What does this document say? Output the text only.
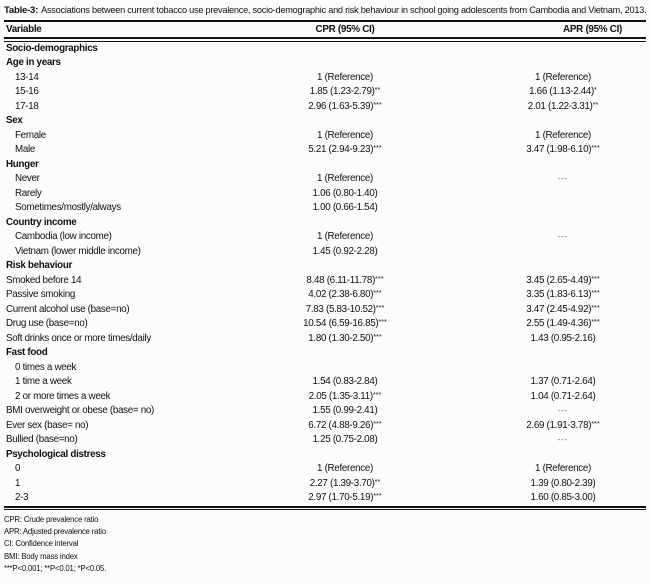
Table-3: Associations between current tobacco use prevalence, socio-demographic and risk behaviour in school going adolescents from Cambodia and Vietnam, 2013.
Variable	CPR (95% CI)	APR (95% CI)
Socio-demographics
Age in years
13-14	1 (Reference)	1 (Reference)
15-16	1.85 (1.23-2.79)**	1.66 (1.13-2.44)*
17-18	2.96 (1.63-5.39)***	2.01 (1.22-3.31)**
Sex
Female	1 (Reference)	1 (Reference)
Male	5.21 (2.94-9.23)***	3.47 (1.98-6.10)***
Hunger
Never	1 (Reference)	---
Rarely	1.06 (0.80-1.40)
Sometimes/mostly/always	1.00 (0.66-1.54)
Country income
Cambodia (low income)	1 (Reference)	---
Vietnam (lower middle income)	1.45 (0.92-2.28)
Risk behaviour
Smoked before 14	8.48 (6.11-11.78)***	3.45 (2.65-4.49)***
Passive smoking	4.02 (2.38-6.80)***	3.35 (1.83-6.13)***
Current alcohol use (base=no)	7.83 (5.83-10.52)***	3.47 (2.45-4.92)***
Drug use (base=no)	10.54 (6.59-16.85)***	2.55 (1.49-4.36)***
Soft drinks once or more times/daily	1.80 (1.30-2.50)***	1.43 (0.95-2.16)
Fast food
0 times a week
1 time a week	1.54 (0.83-2.84)	1.37 (0.71-2.64)
2 or more times a week	2.05 (1.35-3.11)***	1.04 (0.71-2.64)
BMI overweight or obese (base= no)	1.55 (0.99-2.41)	---
Ever sex (base= no)	6.72 (4.88-9.26)***	2.69 (1.91-3.78)***
Bullied (base=no)	1.25 (0.75-2.08)	---
Psychological distress
0	1 (Reference)	1 (Reference)
1	2.27 (1.39-3.70)**	1.39 (0.80-2.39)
2-3	2.97 (1.70-5.19)***	1.60 (0.85-3.00)
CPR: Crude prevalence ratio
APR: Adjusted prevalence ratio
CI: Confidence interval
BMI: Body mass index
***P<0.001; **P<0.01; *P<0.05.
